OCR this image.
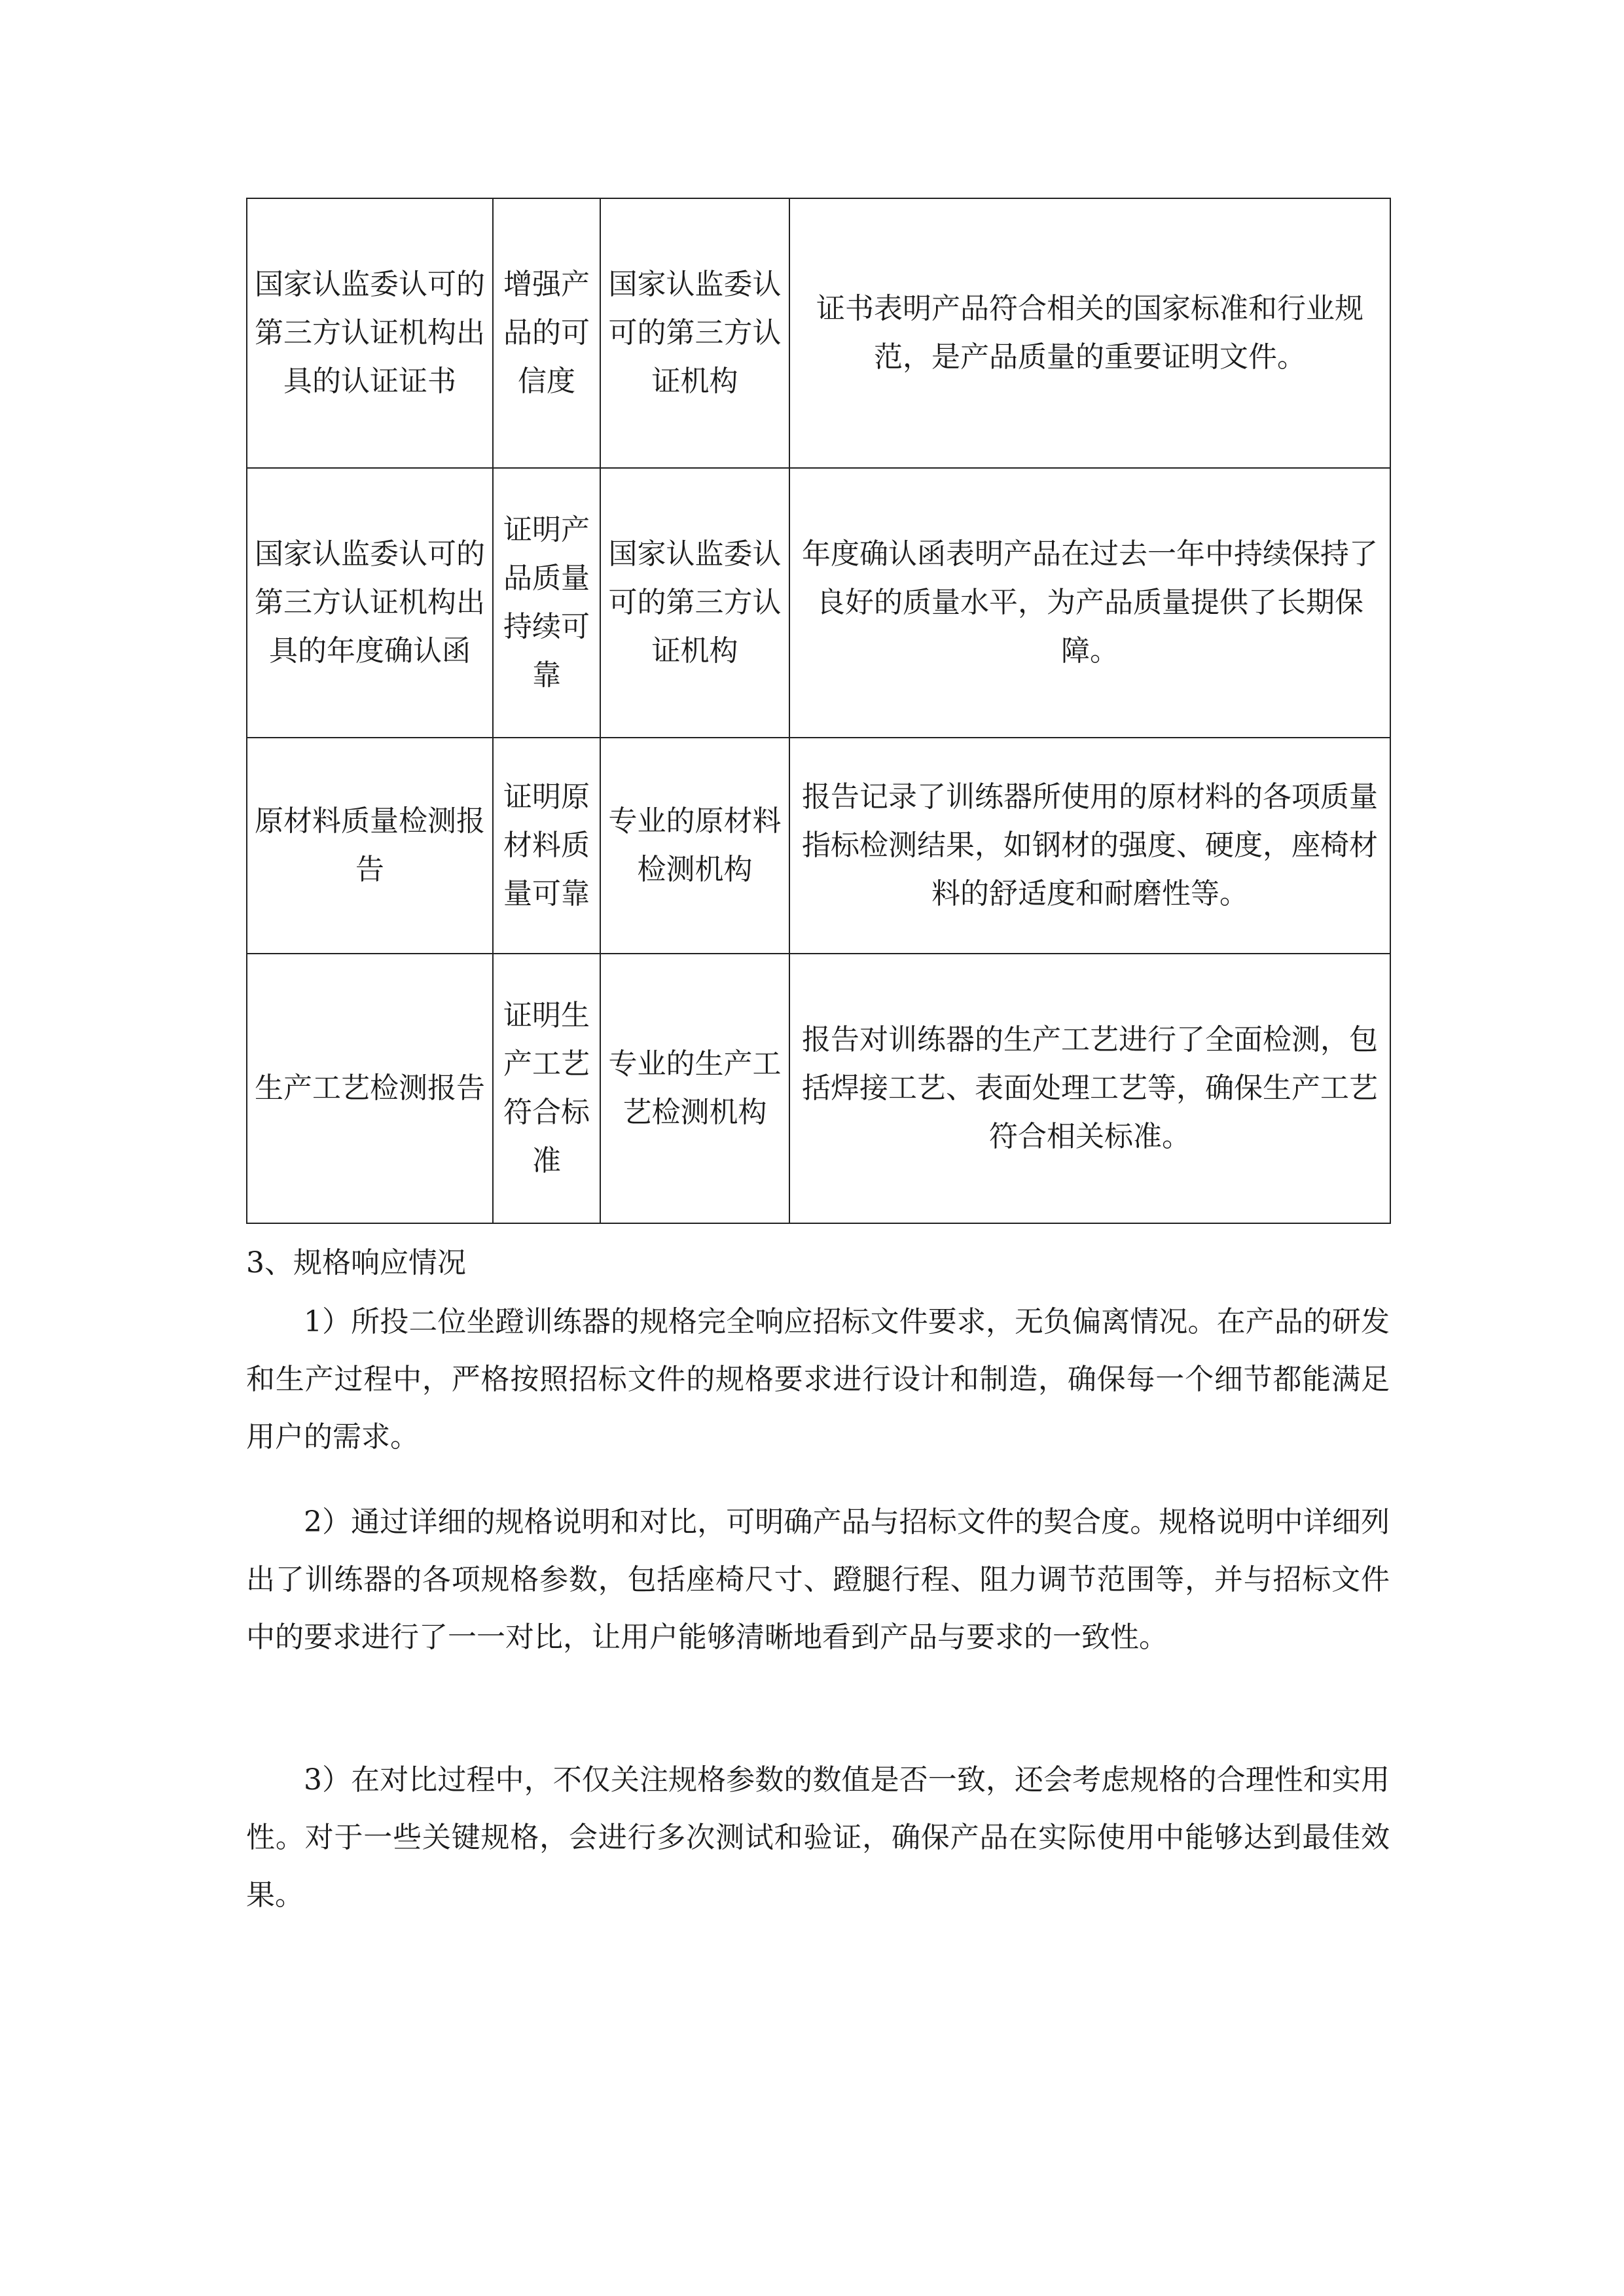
国家认监委认可的第三方认证机构出具的认证证书	增强产品的可信度	国家认监委认可的第三方认证机构	证书表明产品符合相关的国家标准和行业规范，是产品质量的重要证明文件。
国家认监委认可的第三方认证机构出具的年度确认函	证明产品质量持续可靠	国家认监委认可的第三方认证机构	年度确认函表明产品在过去一年中持续保持了良好的质量水平，为产品质量提供了长期保障。
原材料质量检测报告	证明原材料质量可靠	专业的原材料检测机构	报告记录了训练器所使用的原材料的各项质量指标检测结果，如钢材的强度、硬度，座椅材料的舒适度和耐磨性等。
生产工艺检测报告	证明生产工艺符合标准	专业的生产工艺检测机构	报告对训练器的生产工艺进行了全面检测，包括焊接工艺、表面处理工艺等，确保生产工艺符合相关标准。
3、规格响应情况

1）所投二位坐蹬训练器的规格完全响应招标文件要求，无负偏离情况。在产品的研发和生产过程中，严格按照招标文件的规格要求进行设计和制造，确保每一个细节都能满足用户的需求。

2）通过详细的规格说明和对比，可明确产品与招标文件的契合度。规格说明中详细列出了训练器的各项规格参数，包括座椅尺寸、蹬腿行程、阻力调节范围等，并与招标文件中的要求进行了一一对比，让用户能够清晰地看到产品与要求的一致性。

3）在对比过程中，不仅关注规格参数的数值是否一致，还会考虑规格的合理性和实用性。对于一些关键规格，会进行多次测试和验证，确保产品在实际使用中能够达到最佳效果。
